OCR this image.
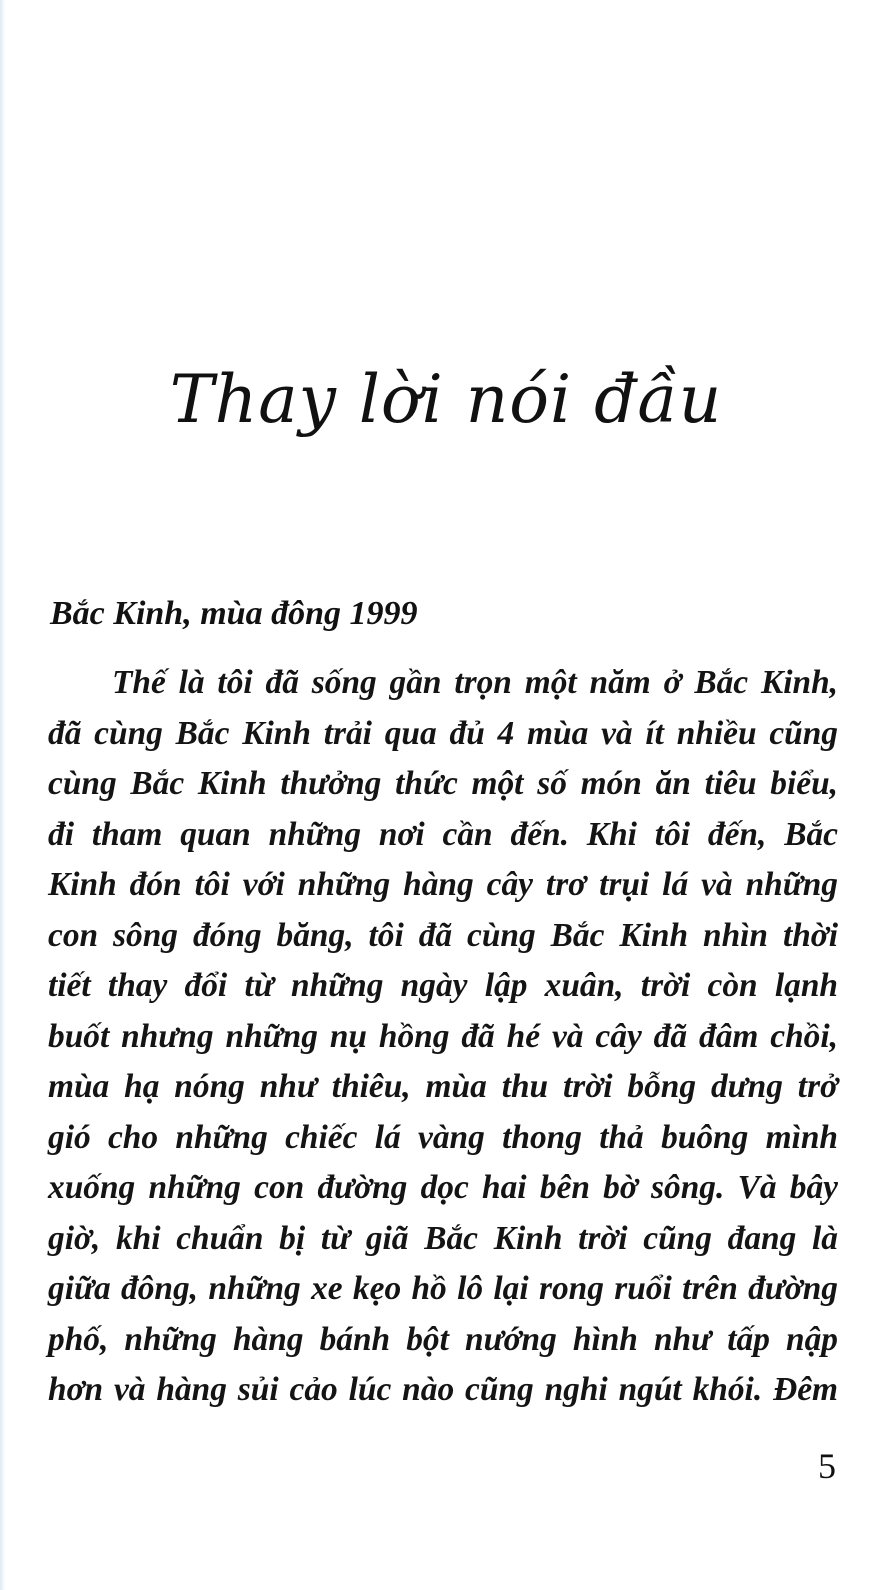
Thay lời nói đầu
Bắc Kinh, mùa đông 1999

Thế là tôi đã sống gần trọn một năm ở Bắc Kinh,
đã cùng Bắc Kinh trải qua đủ 4 mùa và ít nhiều cũng
cùng Bắc Kinh thưởng thức một số món ăn tiêu biểu,
đi tham quan những nơi cần đến. Khi tôi đến, Bắc
Kinh đón tôi với những hàng cây trơ trụi lá và những
con sông đóng băng, tôi đã cùng Bắc Kinh nhìn thời
tiết thay đổi từ những ngày lập xuân, trời còn lạnh
buốt nhưng những nụ hồng đã hé và cây đã đâm chồi,
mùa hạ nóng như thiêu, mùa thu trời bỗng dưng trở
gió cho những chiếc lá vàng thong thả buông mình
xuống những con đường dọc hai bên bờ sông. Và bây
giờ, khi chuẩn bị từ giã Bắc Kinh trời cũng đang là
giữa đông, những xe kẹo hồ lô lại rong ruổi trên đường
phố, những hàng bánh bột nướng hình như tấp nập
hơn và hàng sủi cảo lúc nào cũng nghi ngút khói. Đêm

5
